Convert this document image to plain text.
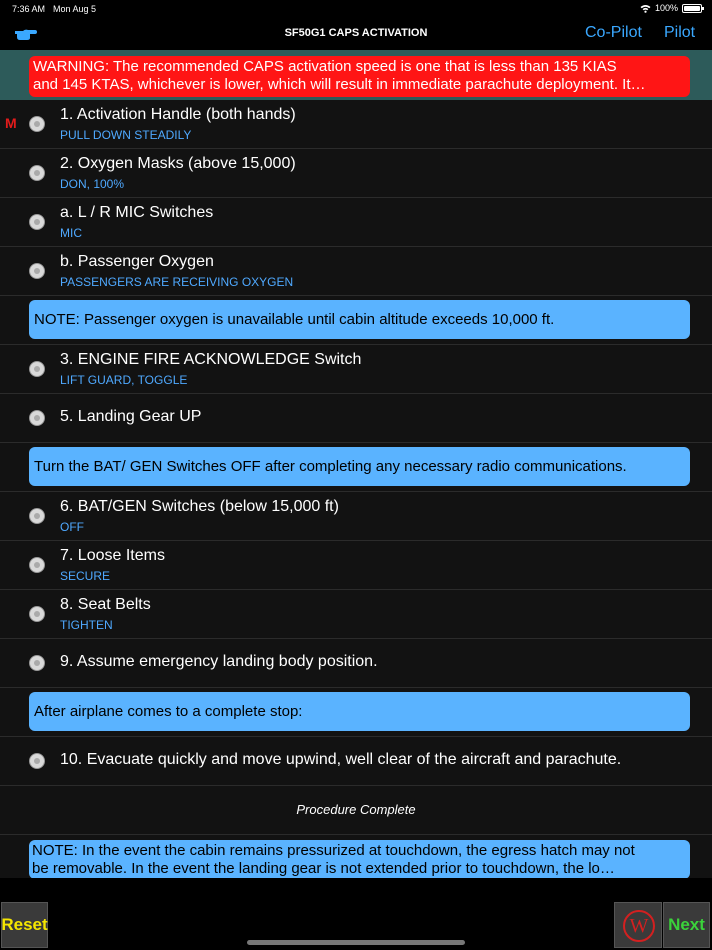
7:36 AM Mon Aug 5	100%
SF50G1 CAPS ACTIVATION	Co-Pilot Pilot
WARNING: The recommended CAPS activation speed is one that is less than 135 KIAS
and 145 KTAS, whichever is lower, which will result in immediate parachute deployment. It…
M	1. Activation Handle (both hands)
PULL DOWN STEADILY
2. Oxygen Masks (above 15,000)
DON, 100%
a. L / R MIC Switches
MIC
b. Passenger Oxygen
PASSENGERS ARE RECEIVING OXYGEN
NOTE: Passenger oxygen is unavailable until cabin altitude exceeds 10,000 ft.
3. ENGINE FIRE ACKNOWLEDGE Switch
LIFT GUARD, TOGGLE
5. Landing Gear UP
Turn the BAT/ GEN Switches OFF after completing any necessary radio communications.
6. BAT/GEN Switches (below 15,000 ft)
OFF
7. Loose Items
SECURE
8. Seat Belts
TIGHTEN
9. Assume emergency landing body position.
After airplane comes to a complete stop:
10. Evacuate quickly and move upwind, well clear of the aircraft and parachute.
Procedure Complete
NOTE: In the event the cabin remains pressurized at touchdown, the egress hatch may not
be removable. In the event the landing gear is not extended prior to touchdown, the lo…
Reset	W	Next
